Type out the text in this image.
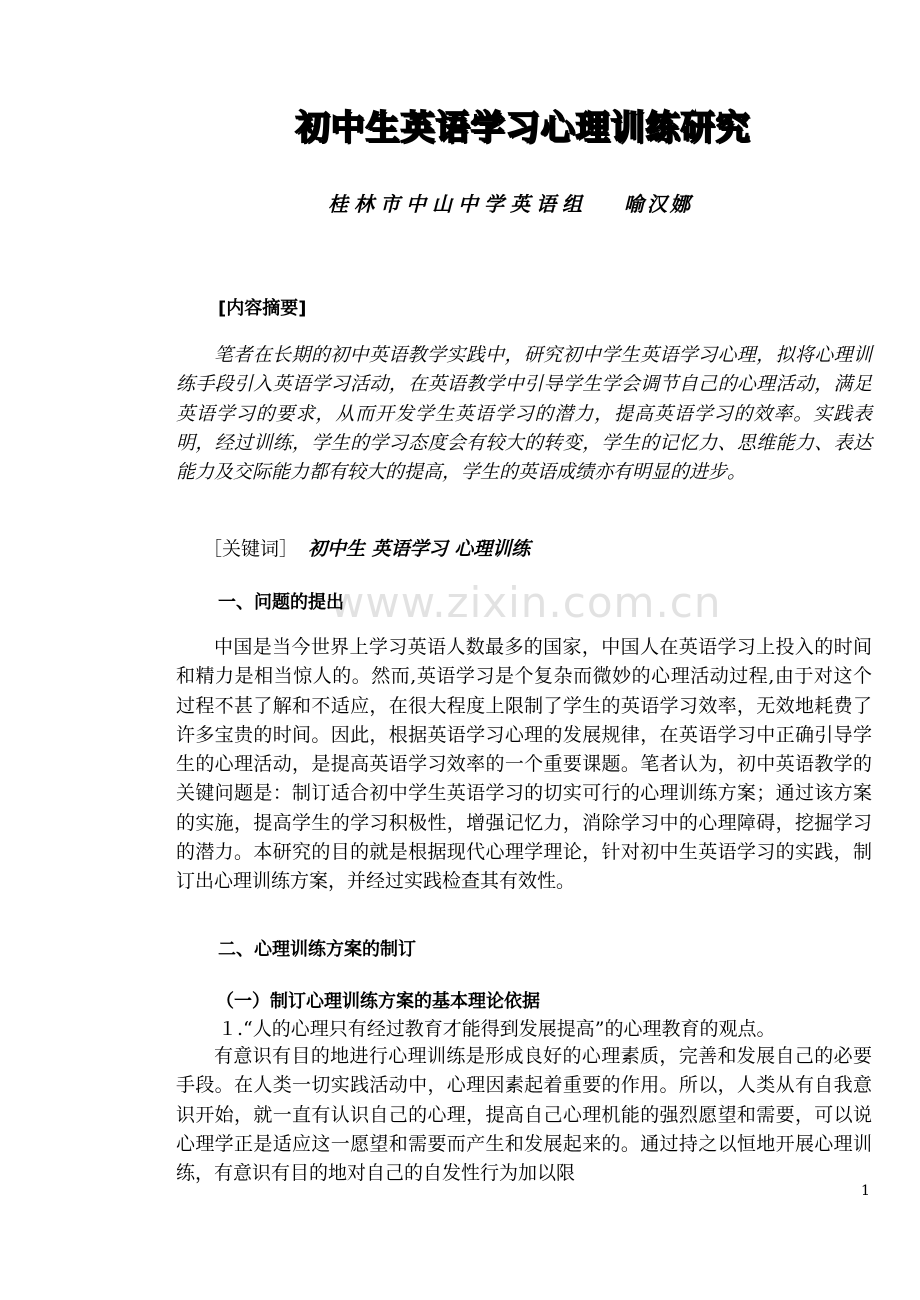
初中生英语学习心理训练研究
桂林市中山中学英语组 喻汉娜
[内容摘要]
笔者在长期的初中英语教学实践中，研究初中学生英语学习心理，拟将心理训练手段引入英语学习活动，在英语教学中引导学生学会调节自己的心理活动，满足英语学习的要求，从而开发学生英语学习的潜力，提高英语学习的效率。实践表明，经过训练，学生的学习态度会有较大的转变，学生的记忆力、思维能力、表达能力及交际能力都有较大的提高，学生的英语成绩亦有明显的进步。
［关键词］ 初中生 英语学习 心理训练
www.zixin.com.cn
一、问题的提出
中国是当今世界上学习英语人数最多的国家，中国人在英语学习上投入的时间和精力是相当惊人的。然而,英语学习是个复杂而微妙的心理活动过程,由于对这个过程不甚了解和不适应，在很大程度上限制了学生的英语学习效率，无效地耗费了许多宝贵的时间。因此，根据英语学习心理的发展规律，在英语学习中正确引导学生的心理活动，是提高英语学习效率的一个重要课题。笔者认为，初中英语教学的关键问题是：制订适合初中学生英语学习的切实可行的心理训练方案；通过该方案的实施，提高学生的学习积极性，增强记忆力，消除学习中的心理障碍，挖掘学习的潜力。本研究的目的就是根据现代心理学理论，针对初中生英语学习的实践，制订出心理训练方案，并经过实践检查其有效性。
二、心理训练方案的制订
（一）制订心理训练方案的基本理论依据
１.“人的心理只有经过教育才能得到发展提高”的心理教育的观点。
有意识有目的地进行心理训练是形成良好的心理素质，完善和发展自己的必要手段。在人类一切实践活动中，心理因素起着重要的作用。所以，人类从有自我意识开始，就一直有认识自己的心理，提高自己心理机能的强烈愿望和需要，可以说心理学正是适应这一愿望和需要而产生和发展起来的。通过持之以恒地开展心理训练，有意识有目的地对自己的自发性行为加以限
1
